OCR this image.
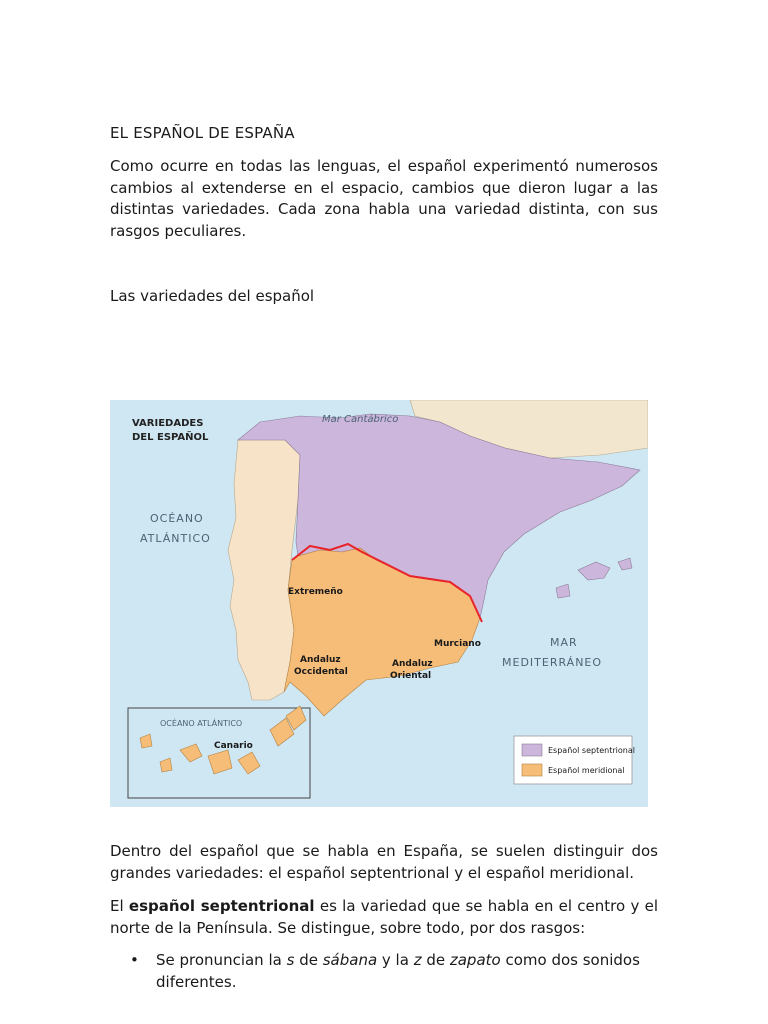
EL ESPAÑOL DE ESPAÑA

Como ocurre en todas las lenguas, el español experimentó numerosos cambios al extenderse en el espacio, cambios que dieron lugar a las distintas variedades. Cada zona habla una variedad distinta, con sus rasgos peculiares.

Las variedades del español

Dentro del español que se habla en España, se suelen distinguir dos grandes variedades: el español septentrional y el español meridional.

El español septentrional es la variedad que se habla en el centro y el norte de la Península. Se distingue, sobre todo, por dos rasgos:

• Se pronuncian la s de sábana y la z de zapato como dos sonidos diferentes.

VARIEDADES
DEL ESPAÑOL
Mar Cantábrico
OCÉANO
ATLÁNTICO
MAR
MEDITERRÁNEO
Extremeño
Andaluz
Occidental
Andaluz
Oriental
Murciano
OCÉANO ATLÁNTICO
Canario	Español septentrional
Español meridional
